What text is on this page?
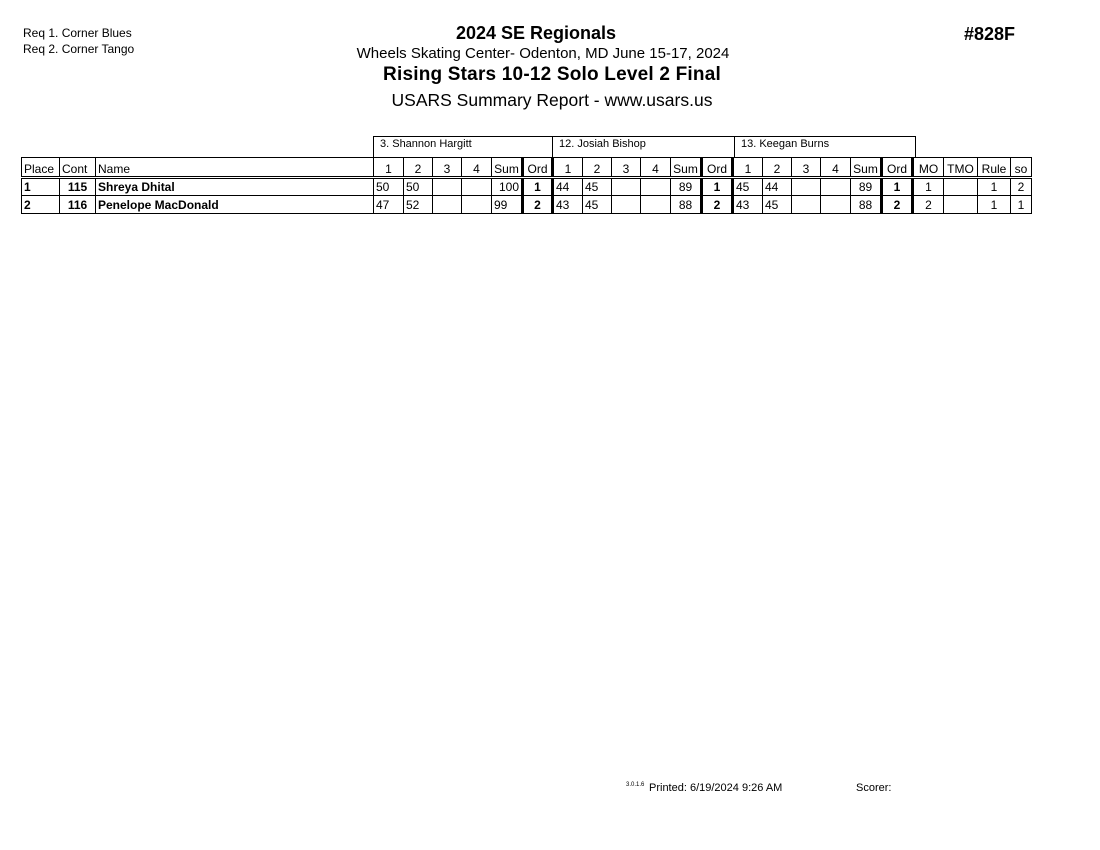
Req 1. Corner Blues
Req 2. Corner Tango
2024 SE Regionals
Wheels Skating Center- Odenton, MD June 15-17, 2024
Rising Stars 10-12 Solo Level 2 Final
USARS Summary Report - www.usars.us
#828F
3. Shannon Hargitt	12. Josiah Bishop	13. Keegan Burns
Place	Cont	Name	1	2	3	4	Sum	Ord	1	2	3	4	Sum	Ord	1	2	3	4	Sum	Ord	MO	TMO	Rule	so
1	115	Shreya Dhital	50	50			100	1	44	45			89	1	45	44			89	1	1		1	2
2	116	Penelope MacDonald	47	52			99	2	43	45			88	2	43	45			88	2	2		1	1
3.0.1.6 Printed: 6/19/2024 9:26 AM	Scorer:
